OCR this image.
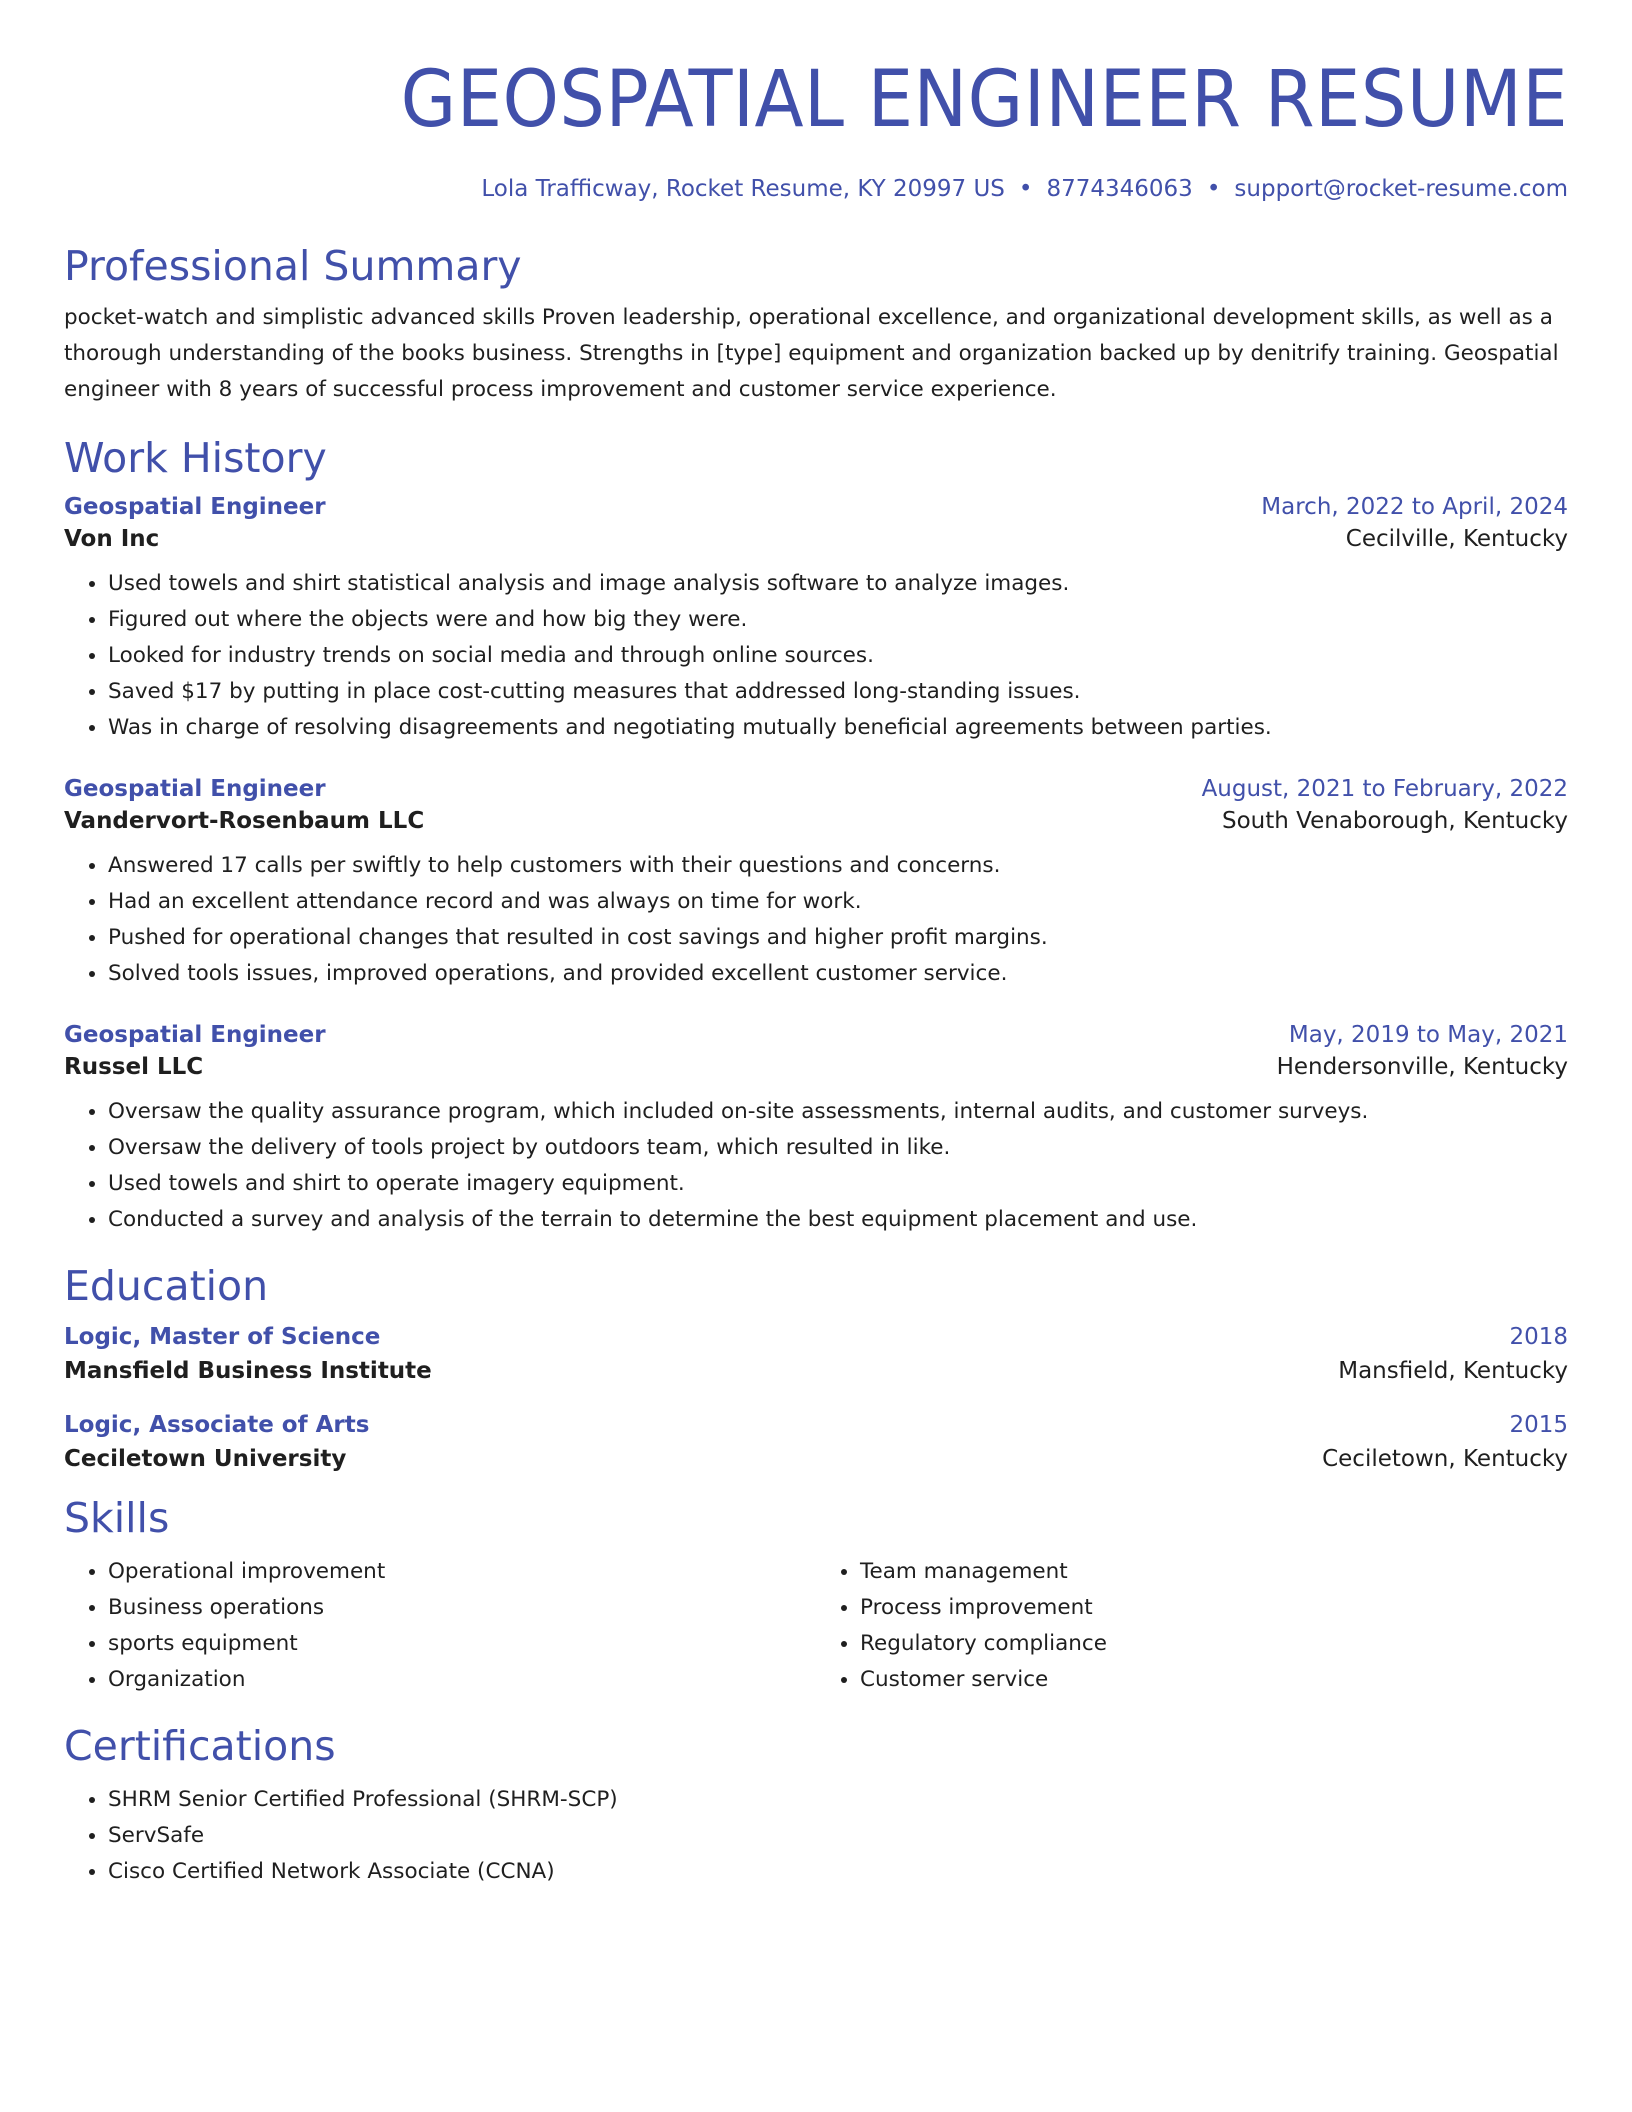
GEOSPATIAL ENGINEER RESUME
Lola Trafficway, Rocket Resume, KY 20997 US • 8774346063 • support@rocket-resume.com
Professional Summary
pocket-watch and simplistic advanced skills Proven leadership, operational excellence, and organizational development skills, as well as a thorough understanding of the books business. Strengths in [type] equipment and organization backed up by denitrify training. Geospatial engineer with 8 years of successful process improvement and customer service experience.
Work History
Geospatial Engineer	March, 2022 to April, 2024
Von Inc	Cecilville, Kentucky
• Used towels and shirt statistical analysis and image analysis software to analyze images.
• Figured out where the objects were and how big they were.
• Looked for industry trends on social media and through online sources.
• Saved $17 by putting in place cost-cutting measures that addressed long-standing issues.
• Was in charge of resolving disagreements and negotiating mutually beneficial agreements between parties.
Geospatial Engineer	August, 2021 to February, 2022
Vandervort-Rosenbaum LLC	South Venaborough, Kentucky
• Answered 17 calls per swiftly to help customers with their questions and concerns.
• Had an excellent attendance record and was always on time for work.
• Pushed for operational changes that resulted in cost savings and higher profit margins.
• Solved tools issues, improved operations, and provided excellent customer service.
Geospatial Engineer	May, 2019 to May, 2021
Russel LLC	Hendersonville, Kentucky
• Oversaw the quality assurance program, which included on-site assessments, internal audits, and customer surveys.
• Oversaw the delivery of tools project by outdoors team, which resulted in like.
• Used towels and shirt to operate imagery equipment.
• Conducted a survey and analysis of the terrain to determine the best equipment placement and use.
Education
Logic, Master of Science	2018
Mansfield Business Institute	Mansfield, Kentucky
Logic, Associate of Arts	2015
Ceciletown University	Ceciletown, Kentucky
Skills
• Operational improvement
• Business operations
• sports equipment
• Organization
• Team management
• Process improvement
• Regulatory compliance
• Customer service
Certifications
• SHRM Senior Certified Professional (SHRM-SCP)
• ServSafe
• Cisco Certified Network Associate (CCNA)
